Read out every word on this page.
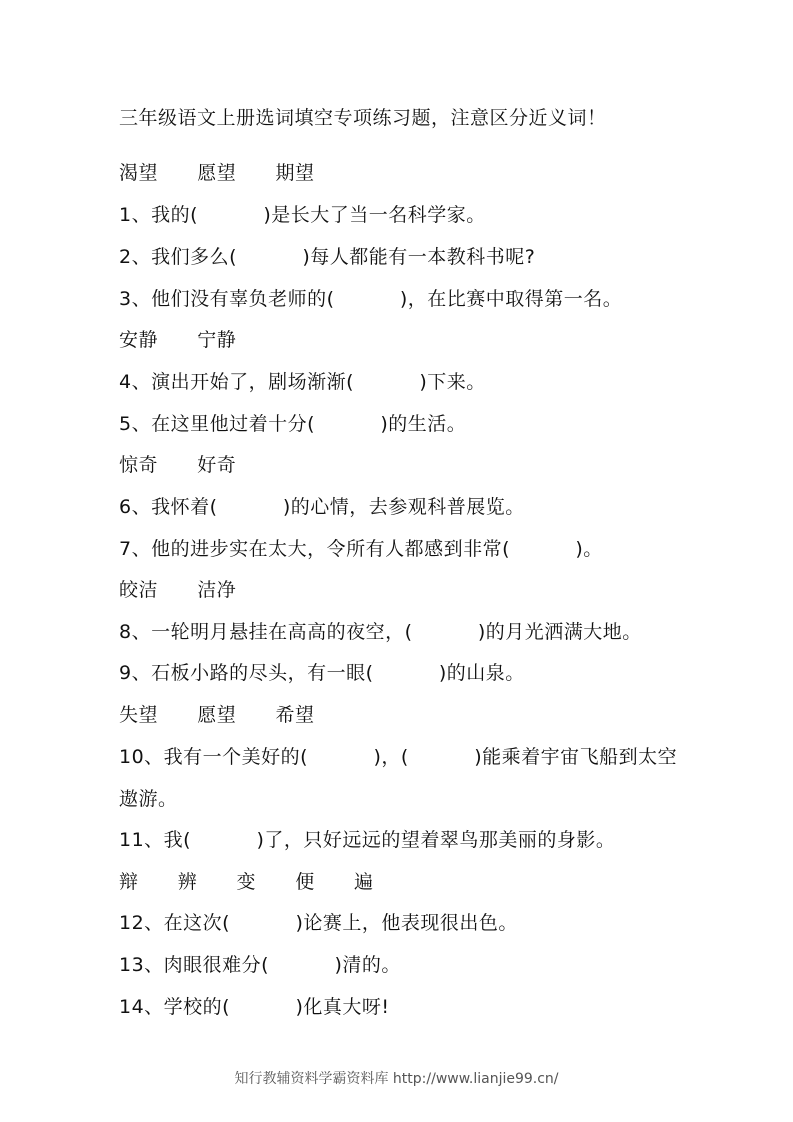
三年级语文上册选词填空专项练习题，注意区分近义词！
渴望      愿望      期望
1、我的(          )是长大了当一名科学家。
2、我们多么(          )每人都能有一本教科书呢?
3、他们没有辜负老师的(          )，在比赛中取得第一名。
安静      宁静
4、演出开始了，剧场渐渐(          )下来。
5、在这里他过着十分(          )的生活。
惊奇      好奇
6、我怀着(          )的心情，去参观科普展览。
7、他的进步实在太大，令所有人都感到非常(          )。
皎洁      洁净
8、一轮明月悬挂在高高的夜空，(          )的月光洒满大地。
9、石板小路的尽头，有一眼(          )的山泉。
失望      愿望      希望
10、我有一个美好的(          )，(          )能乘着宇宙飞船到太空
遨游。
11、我(          )了，只好远远的望着翠鸟那美丽的身影。
辩      辨      变      便      遍
12、在这次(          )论赛上，他表现很出色。
13、肉眼很难分(          )清的。
14、学校的(          )化真大呀!
知行教辅资料学霸资料库 http://www.lianjie99.cn/
